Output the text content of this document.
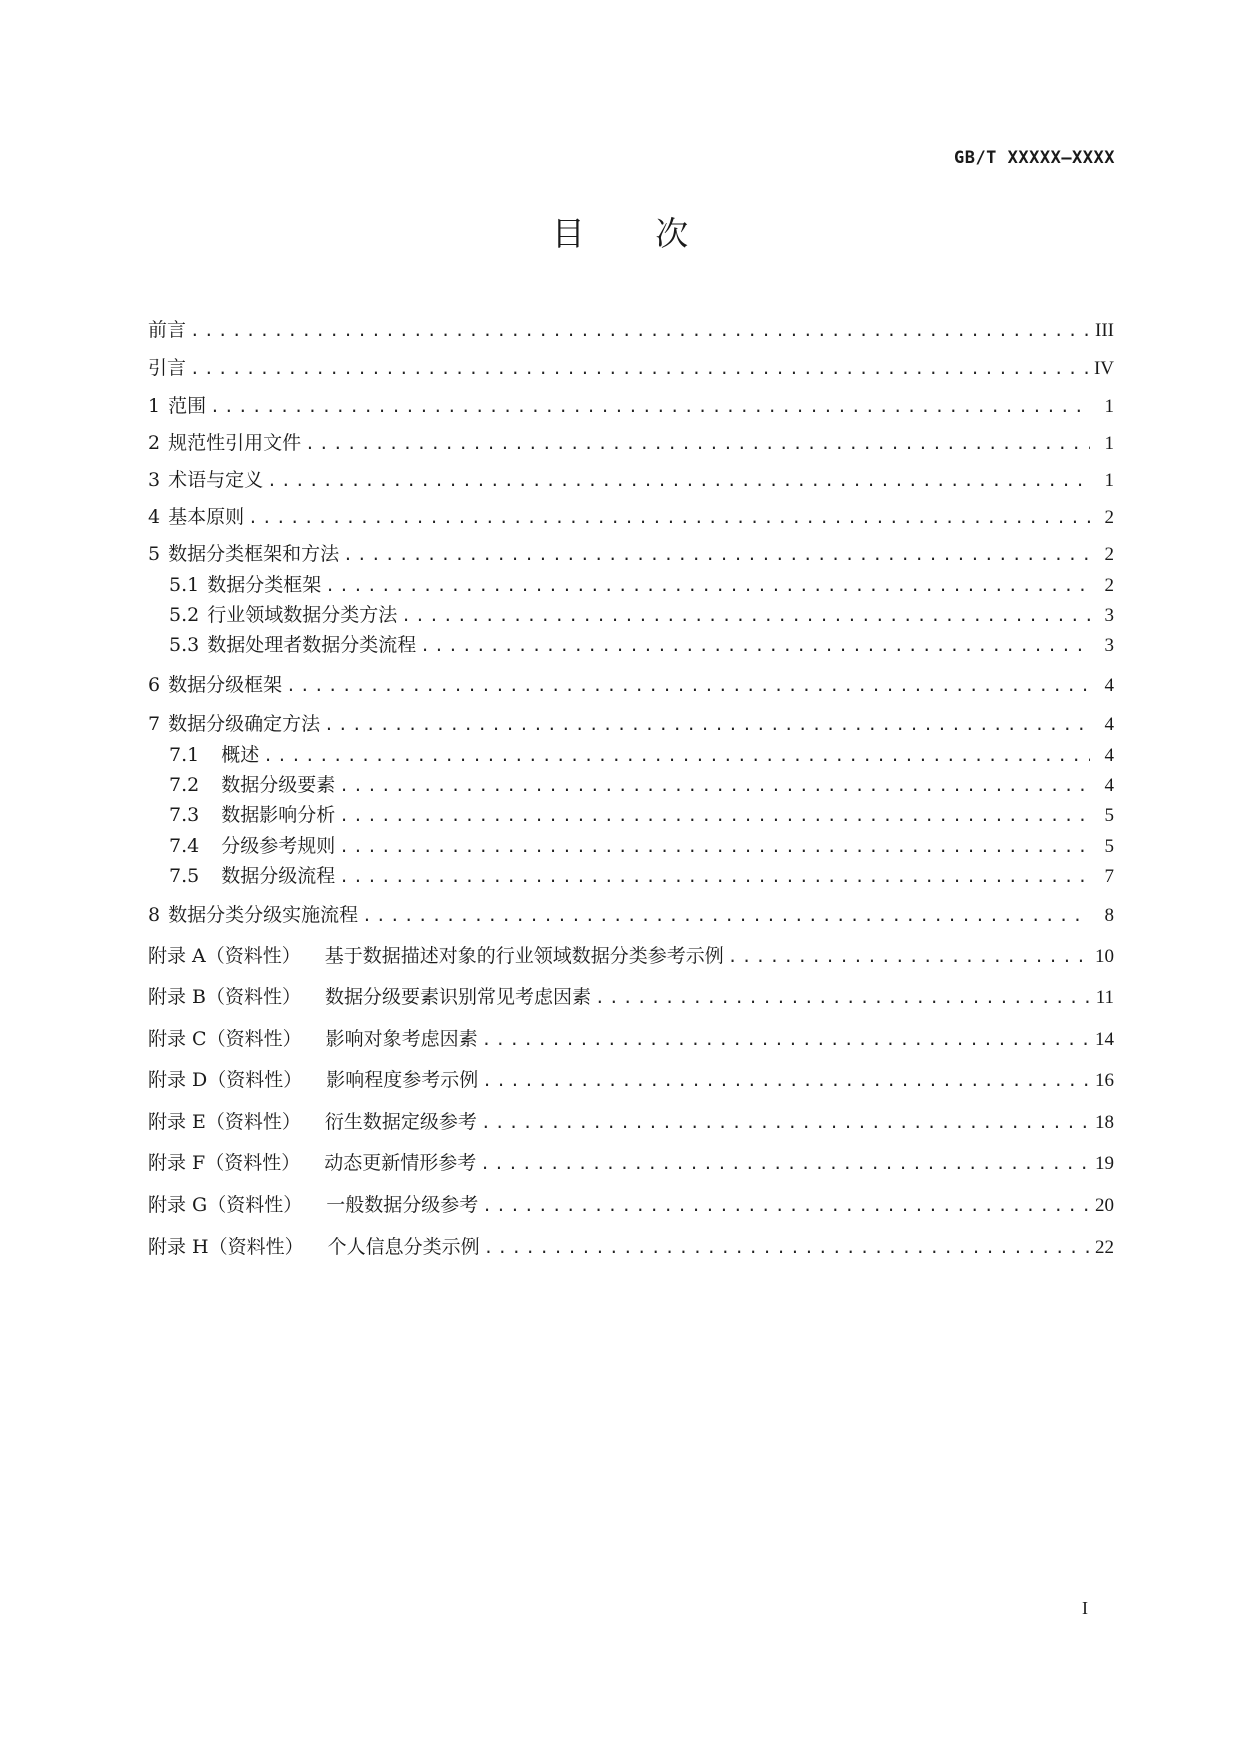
GB/T XXXXX—XXXX
目 次
前言 .....	III
引言 .....	IV
1 范围 .....	1
2 规范性引用文件 .....	1
3 术语与定义 .....	1
4 基本原则 .....	2
5 数据分类框架和方法 .....	2
5.1 数据分类框架 .....	2
5.2 行业领域数据分类方法 .....	3
5.3 数据处理者数据分类流程 .....	3
6 数据分级框架 .....	4
7 数据分级确定方法 .....	4
7.1 概述 .....	4
7.2 数据分级要素 .....	4
7.3 数据影响分析 .....	5
7.4 分级参考规则 .....	5
7.5 数据分级流程 .....	7
8 数据分类分级实施流程 .....	8
附录 A（资料性） 基于数据描述对象的行业领域数据分类参考示例 .....	10
附录 B（资料性） 数据分级要素识别常见考虑因素 .....	11
附录 C（资料性） 影响对象考虑因素 .....	14
附录 D（资料性） 影响程度参考示例 .....	16
附录 E（资料性） 衍生数据定级参考 .....	18
附录 F（资料性） 动态更新情形参考 .....	19
附录 G（资料性） 一般数据分级参考 .....	20
附录 H（资料性） 个人信息分类示例 .....	22
I
